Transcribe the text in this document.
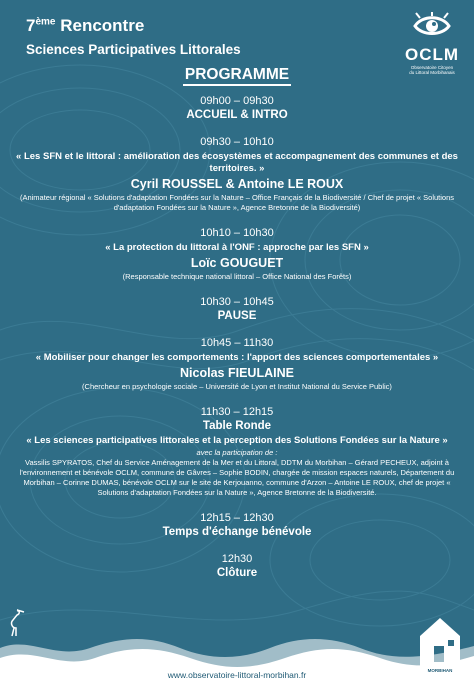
7ème Rencontre
Sciences Participatives Littorales	OCLM
Observatoire Citoyen
du Littoral Morbihanais
PROGRAMME
09h00 – 09h30
ACCUEIL & INTRO
09h30 – 10h10
« Les SFN et le littoral : amélioration des écosystèmes et accompagnement des communes et des territoires. »
Cyril ROUSSEL & Antoine LE ROUX
(Animateur régional « Solutions d'adaptation Fondées sur la Nature – Office Français de la Biodiversité / Chef de projet « Solutions d'adaptation Fondées sur la Nature », Agence Bretonne de la Biodiversité)
10h10 – 10h30
« La protection du littoral à l'ONF : approche par les SFN »
Loïc GOUGUET
(Responsable technique national littoral – Office National des Forêts)
10h30 – 10h45
PAUSE
10h45 – 11h30
« Mobiliser pour changer les comportements : l'apport des sciences comportementales »
Nicolas FIEULAINE
(Chercheur en psychologie sociale – Université de Lyon et Institut National du Service Public)
11h30 – 12h15
Table Ronde
« Les sciences participatives littorales et la perception des Solutions Fondées sur la Nature »
avec la participation de :
Vassilis SPYRATOS, Chef du Service Aménagement de la Mer et du Littoral, DDTM du Morbihan – Gérard PECHEUX, adjoint à l'environnement et bénévole OCLM, commune de Gâvres – Sophie BODIN, chargée de mission espaces naturels, Département du Morbihan – Corinne DUMAS, bénévole OCLM sur le site de Kerjouanno, commune d'Arzon – Antoine LE ROUX, chef de projet « Solutions d'adaptation Fondées sur la Nature », Agence Bretonne de la Biodiversité.
12h15 – 12h30
Temps d'échange bénévole
12h30
Clôture
www.observatoire-littoral-morbihan.fr	MORBIHAN
